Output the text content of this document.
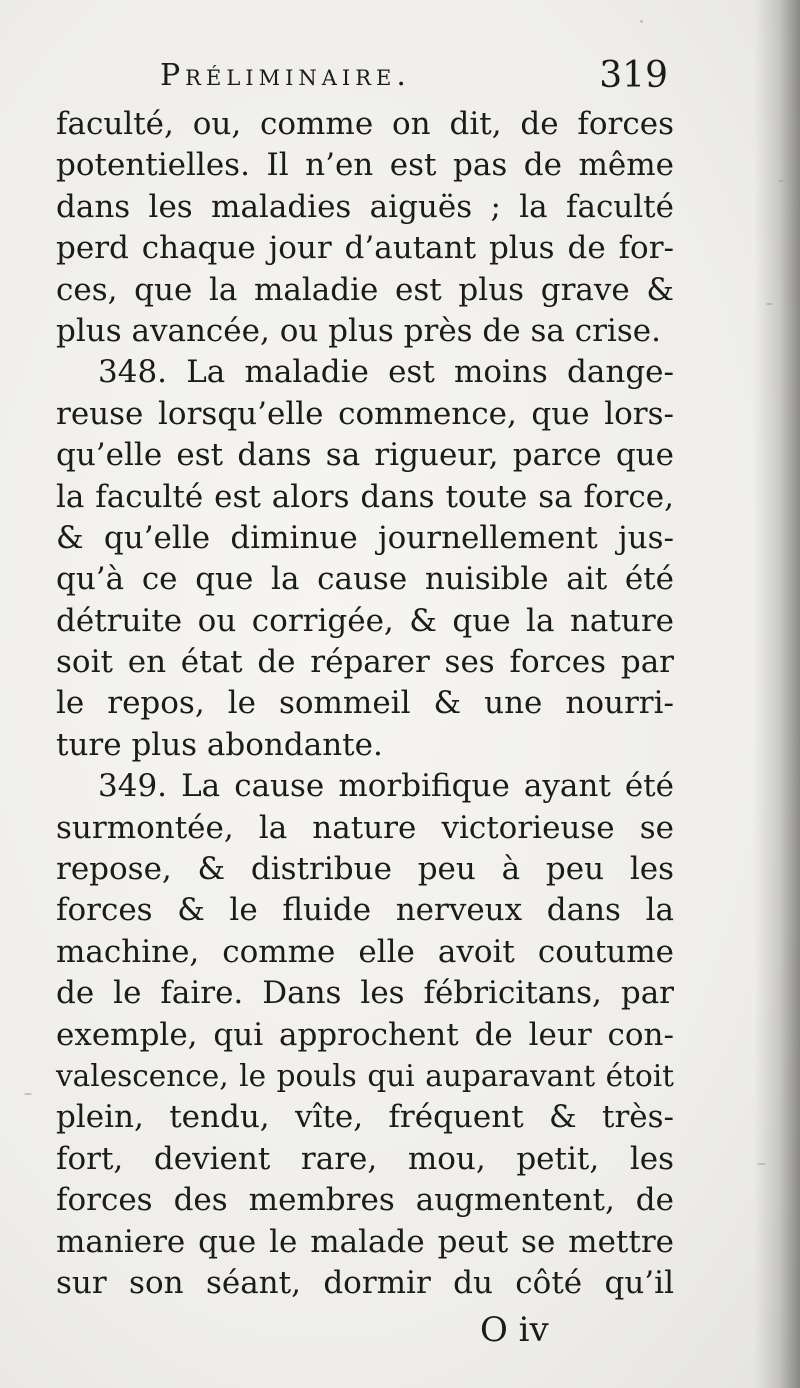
Préliminaire.	319
faculté, ou, comme on dit, de forces
potentielles. Il n’en est pas de même
dans les maladies aiguës ; la faculté
perd chaque jour d’autant plus de for-
ces, que la maladie est plus grave &
plus avancée, ou plus près de sa crise.
348. La maladie est moins dange-
reuse lorsqu’elle commence, que lors-
qu’elle est dans sa rigueur, parce que
la faculté est alors dans toute sa force,
& qu’elle diminue journellement jus-
qu’à ce que la cause nuisible ait été
détruite ou corrigée, & que la nature
soit en état de réparer ses forces par
le repos, le sommeil & une nourri-
ture plus abondante.
349. La cause morbifique ayant été
surmontée, la nature victorieuse se
repose, & distribue peu à peu les
forces & le fluide nerveux dans la
machine, comme elle avoit coutume
de le faire. Dans les fébricitans, par
exemple, qui approchent de leur con-
valescence, le pouls qui auparavant étoit
plein, tendu, vîte, fréquent & très-
fort, devient rare, mou, petit, les
forces des membres augmentent, de
maniere que le malade peut se mettre
sur son séant, dormir du côté qu’il
O iv
